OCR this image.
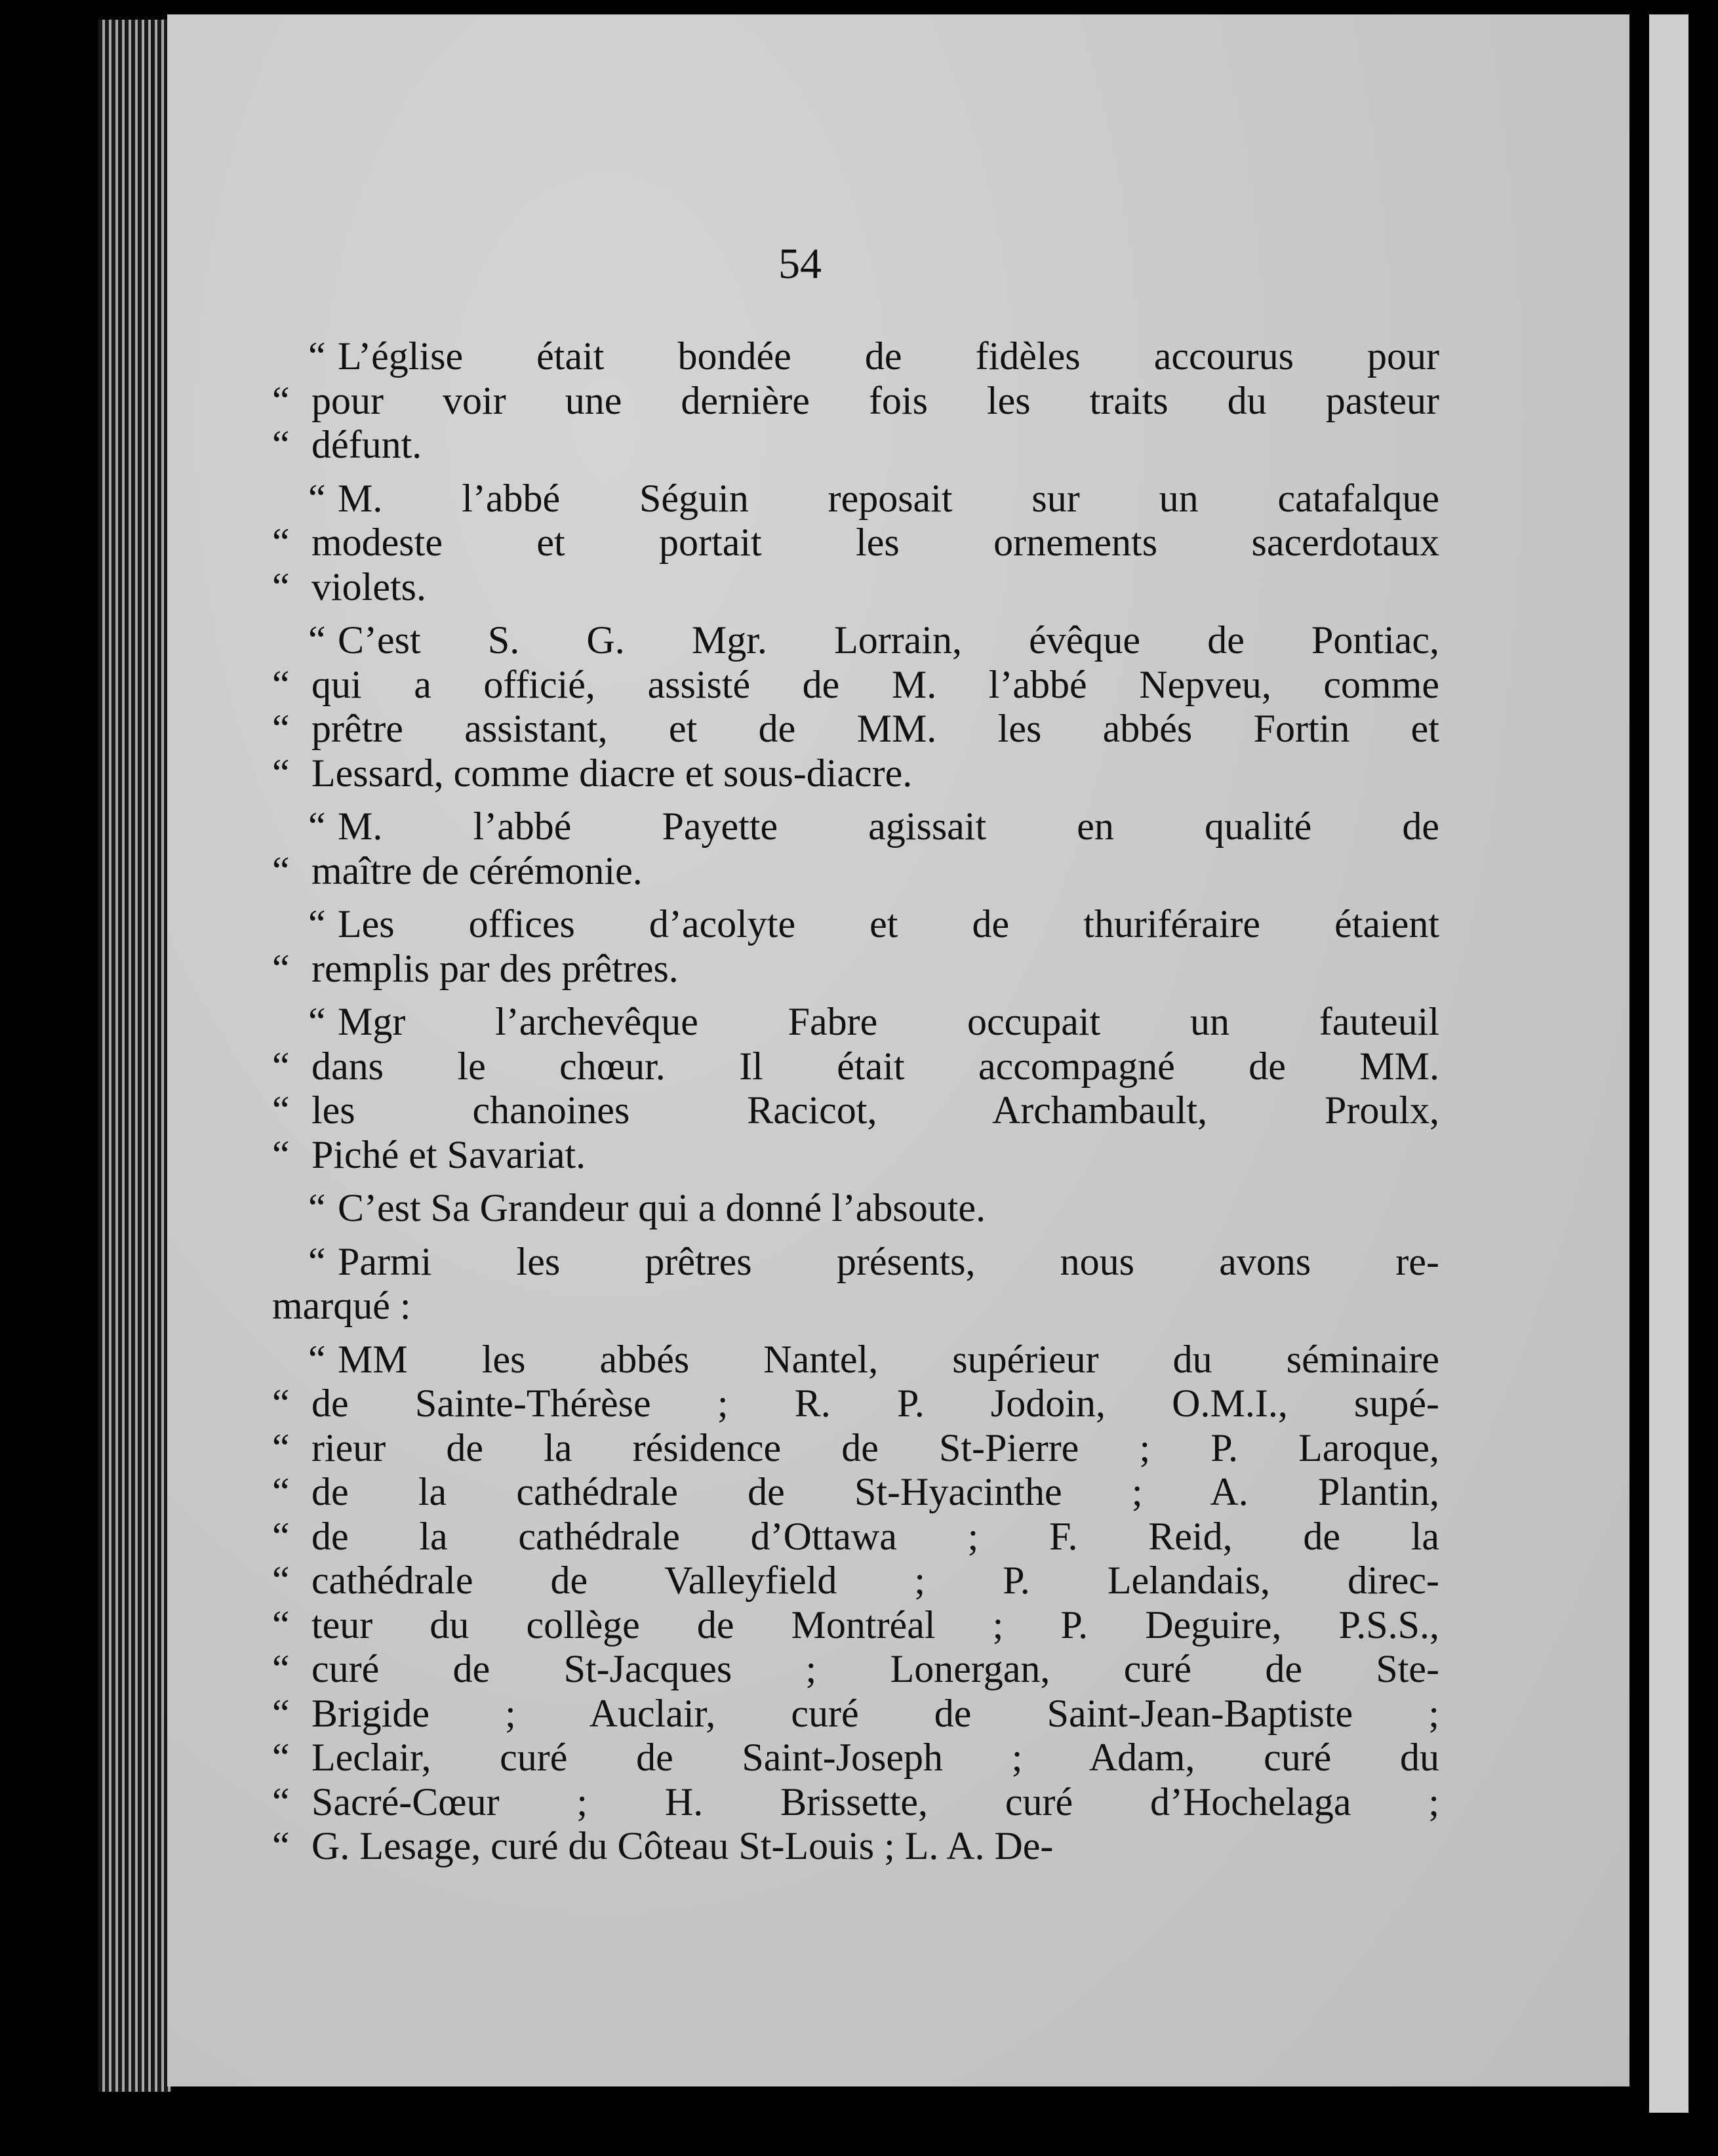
54
“ L’église était bondée de fidèles accourus pour
“ pour voir une dernière fois les traits du pasteur
“ défunt.
“ M. l’abbé Séguin reposait sur un catafalque
“ modeste et portait les ornements sacerdotaux
“ violets.
“ C’est S. G. Mgr. Lorrain, évêque de Pontiac,
“ qui a officié, assisté de M. l’abbé Nepveu, comme
“ prêtre assistant, et de MM. les abbés Fortin et
“ Lessard, comme diacre et sous-diacre.
“ M. l’abbé Payette agissait en qualité de
“ maître de cérémonie.
“ Les offices d’acolyte et de thuriféraire étaient
“ remplis par des prêtres.
“ Mgr l’archevêque Fabre occupait un fauteuil
“ dans le chœur. Il était accompagné de MM.
“ les chanoines Racicot, Archambault, Proulx,
“ Piché et Savariat.
“ C’est Sa Grandeur qui a donné l’absoute.
“ Parmi les prêtres présents, nous avons re-
marqué :
“ MM les abbés Nantel, supérieur du séminaire
“ de Sainte-Thérèse ; R. P. Jodoin, O.M.I., supé-
“ rieur de la résidence de St-Pierre ; P. Laroque,
“ de la cathédrale de St-Hyacinthe ; A. Plantin,
“ de la cathédrale d’Ottawa ; F. Reid, de la
“ cathédrale de Valleyfield ; P. Lelandais, direc-
“ teur du collège de Montréal ; P. Deguire, P.S.S.,
“ curé de St-Jacques ; Lonergan, curé de Ste-
“ Brigide ; Auclair, curé de Saint-Jean-Baptiste ;
“ Leclair, curé de Saint-Joseph ; Adam, curé du
“ Sacré-Cœur ; H. Brissette, curé d’Hochelaga ;
“ G. Lesage, curé du Côteau St-Louis ; L. A. De-
